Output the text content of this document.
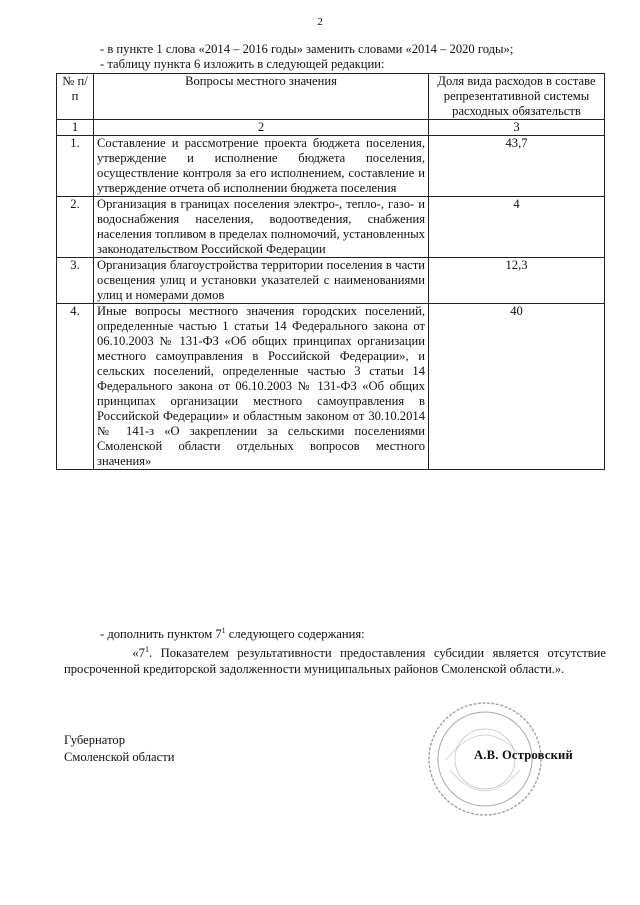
2
- в пункте 1 слова «2014 – 2016 годы» заменить словами «2014 – 2020 годы»;
- таблицу пункта 6 изложить в следующей редакции:
№ п/п	Вопросы местного значения	Доля вида расходов в составе репрезентативной системы расходных обязательств
1	2	3
1.	Составление и рассмотрение проекта бюджета поселения, утверждение и исполнение бюджета поселения, осуществление контроля за его исполнением, составление и утверждение отчета об исполнении бюджета поселения	43,7
2.	Организация в границах поселения электро-, тепло-, газо- и водоснабжения населения, водоотведения, снабжения населения топливом в пределах полномочий, установленных законодательством Российской Федерации	4
3.	Организация благоустройства территории поселения в части освещения улиц и установки указателей с наименованиями улиц и номерами домов	12,3
4.	Иные вопросы местного значения городских поселений, определенные частью 1 статьи 14 Федерального закона от 06.10.2003 № 131-ФЗ «Об общих принципах организации местного самоуправления в Российской Федерации», и сельских поселений, определенные частью 3 статьи 14 Федерального закона от 06.10.2003 № 131-ФЗ «Об общих принципах организации местного самоуправления в Российской Федерации» и областным законом от 30.10.2014 № 141-з «О закреплении за сельскими поселениями Смоленской области отдельных вопросов местного значения»	40
- дополнить пунктом $7^1$ следующего содержания:
«$7^1$. Показателем результативности предоставления субсидии является отсутствие просроченной кредиторской задолженности муниципальных районов Смоленской области.».
Губернатор
Смоленской области	А.В. Островский
